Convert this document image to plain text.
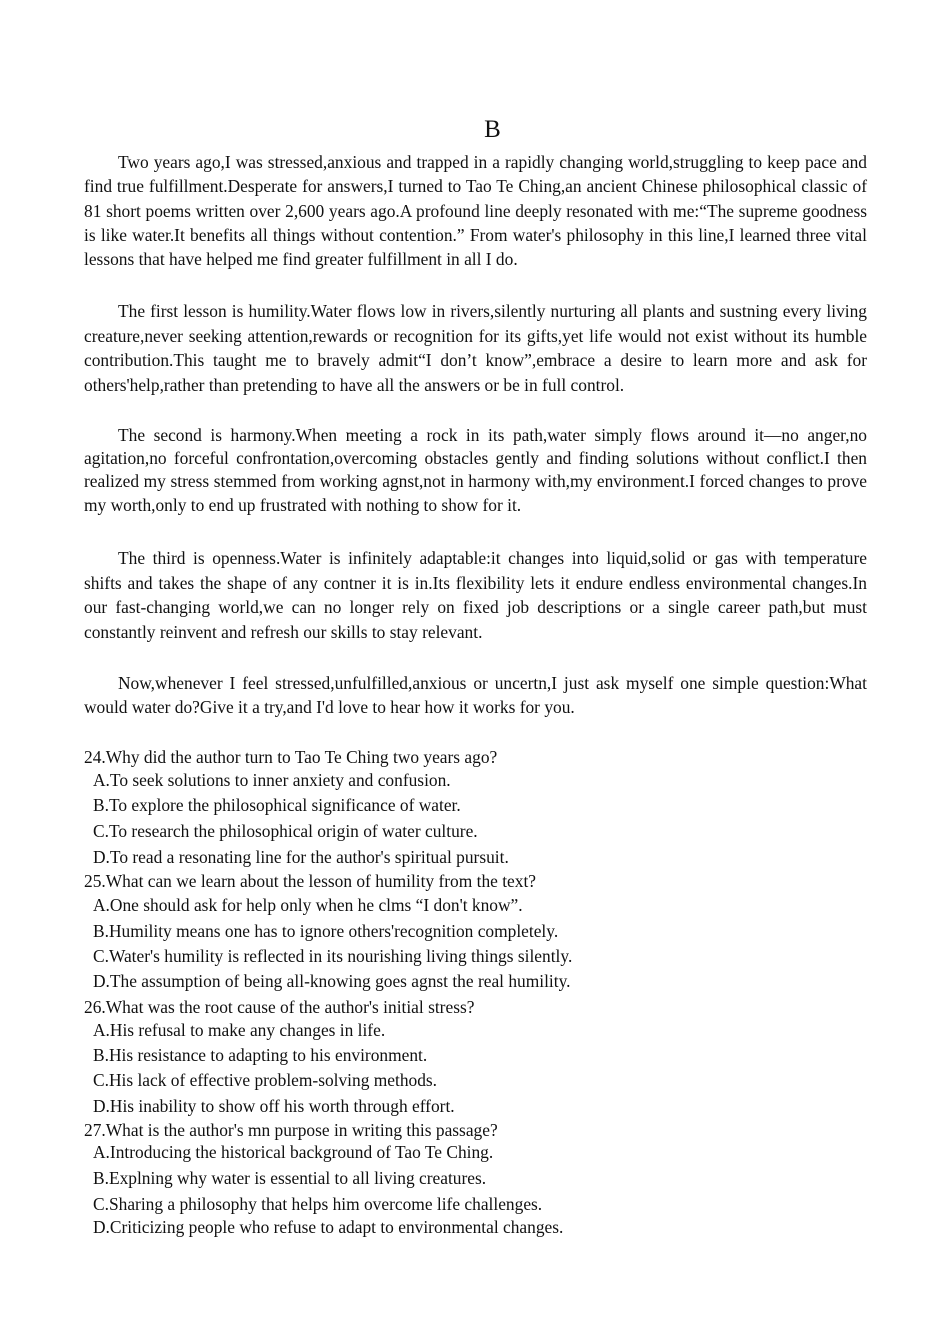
B

Two years ago,I was stressed,anxious and trapped in a rapidly changing world,struggling to keep pace and find true fulfillment.Desperate for answers,I turned to Tao Te Ching,an ancient Chinese philosophical classic of 81 short poems written over 2,600 years ago.A profound line deeply resonated with me:“The supreme goodness is like water.It benefits all things without contention.” From water's philosophy in this line,I learned three vital lessons that have helped me find greater fulfillment in all I do.

The first lesson is humility.Water flows low in rivers,silently nurturing all plants and sustning every living creature,never seeking attention,rewards or recognition for its gifts,yet life would not exist without its humble contribution.This taught me to bravely admit“I don’t know”,embrace a desire to learn more and ask for others'help,rather than pretending to have all the answers or be in full control.

The second is harmony.When meeting a rock in its path,water simply flows around it—no anger,no agitation,no forceful confrontation,overcoming obstacles gently and finding solutions without conflict.I then realized my stress stemmed from working agnst,not in harmony with,my environment.I forced changes to prove my worth,only to end up frustrated with nothing to show for it.

The third is openness.Water is infinitely adaptable:it changes into liquid,solid or gas with temperature shifts and takes the shape of any contner it is in.Its flexibility lets it endure endless environmental changes.In our fast-changing world,we can no longer rely on fixed job descriptions or a single career path,but must constantly reinvent and refresh our skills to stay relevant.

Now,whenever I feel stressed,unfulfilled,anxious or uncertn,I just ask myself one simple question:What would water do?Give it a try,and I'd love to hear how it works for you.

24.Why did the author turn to Tao Te Ching two years ago?
A.To seek solutions to inner anxiety and confusion.
B.To explore the philosophical significance of water.
C.To research the philosophical origin of water culture.
D.To read a resonating line for the author's spiritual pursuit.
25.What can we learn about the lesson of humility from the text?
A.One should ask for help only when he clms “I don't know”.
B.Humility means one has to ignore others'recognition completely.
C.Water's humility is reflected in its nourishing living things silently.
D.The assumption of being all-knowing goes agnst the real humility.
26.What was the root cause of the author's initial stress?
A.His refusal to make any changes in life.
B.His resistance to adapting to his environment.
C.His lack of effective problem-solving methods.
D.His inability to show off his worth through effort.
27.What is the author's mn purpose in writing this passage?
A.Introducing the historical background of Tao Te Ching.
B.Explning why water is essential to all living creatures.
C.Sharing a philosophy that helps him overcome life challenges.
D.Criticizing people who refuse to adapt to environmental changes.
